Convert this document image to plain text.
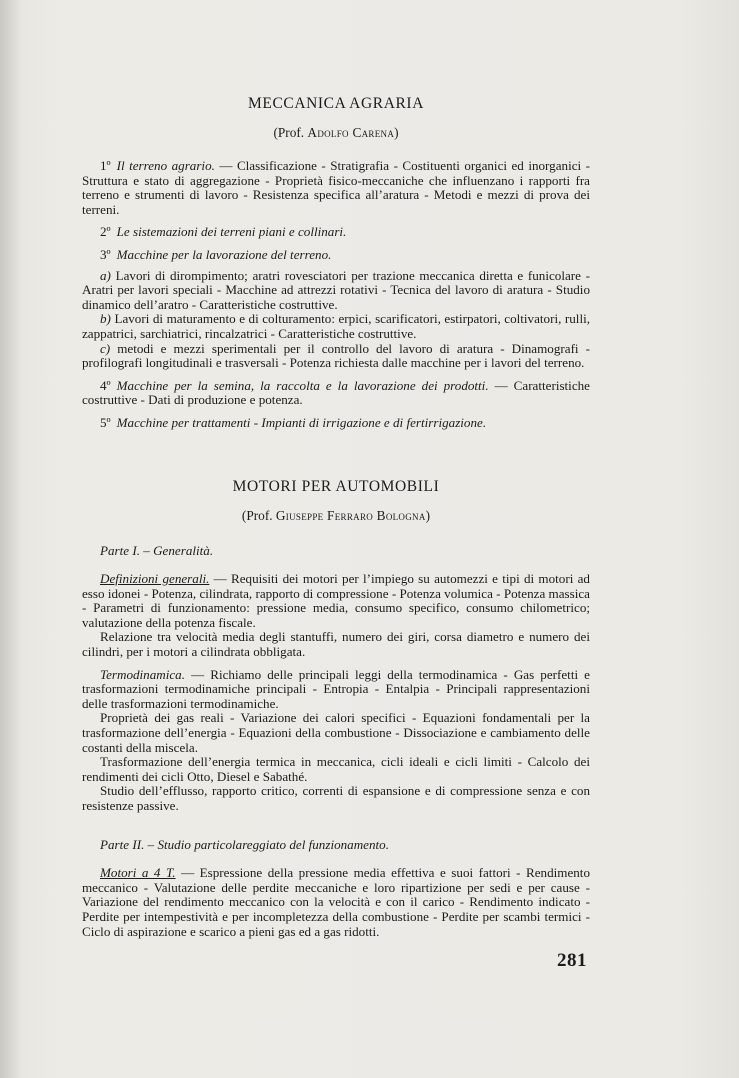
MECCANICA AGRARIA
(Prof. Adolfo Carena)

1º Il terreno agrario. — Classificazione - Stratigrafia - Costituenti organici ed inorganici - Struttura e stato di aggregazione - Proprietà fisico-meccaniche che influenzano i rapporti fra terreno e strumenti di lavoro - Resistenza specifica all’aratura - Metodi e mezzi di prova dei terreni.

2º Le sistemazioni dei terreni piani e collinari.

3º Macchine per la lavorazione del terreno.

a) Lavori di dirompimento; aratri rovesciatori per trazione meccanica diretta e funicolare - Aratri per lavori speciali - Macchine ad attrezzi rotativi - Tecnica del lavoro di aratura - Studio dinamico dell’aratro - Caratteristiche costruttive.

b) Lavori di maturamento e di colturamento: erpici, scarificatori, estirpatori, coltivatori, rulli, zappatrici, sarchiatrici, rincalzatrici - Caratteristiche costruttive.

c) metodi e mezzi sperimentali per il controllo del lavoro di aratura - Dinamografi - profilografi longitudinali e trasversali - Potenza richiesta dalle macchine per i lavori del terreno.

4º Macchine per la semina, la raccolta e la lavorazione dei prodotti. — Caratteristiche costruttive - Dati di produzione e potenza.

5º Macchine per trattamenti - Impianti di irrigazione e di fertirrigazione.

MOTORI PER AUTOMOBILI
(Prof. Giuseppe Ferraro Bologna)

Parte I. – Generalità.

Definizioni generali. — Requisiti dei motori per l’impiego su automezzi e tipi di motori ad esso idonei - Potenza, cilindrata, rapporto di compressione - Potenza volumica - Potenza massica - Parametri di funzionamento: pressione media, consumo specifico, consumo chilometrico; valutazione della potenza fiscale.

Relazione tra velocità media degli stantuffi, numero dei giri, corsa diametro e numero dei cilindri, per i motori a cilindrata obbligata.

Termodinamica. — Richiamo delle principali leggi della termodinamica - Gas perfetti e trasformazioni termodinamiche principali - Entropia - Entalpia - Principali rappresentazioni delle trasformazioni termodinamiche.

Proprietà dei gas reali - Variazione dei calori specifici - Equazioni fondamentali per la trasformazione dell’energia - Equazioni della combustione - Dissociazione e cambiamento delle costanti della miscela.

Trasformazione dell’energia termica in meccanica, cicli ideali e cicli limiti - Calcolo dei rendimenti dei cicli Otto, Diesel e Sabathé.

Studio dell’efflusso, rapporto critico, correnti di espansione e di compressione senza e con resistenze passive.

Parte II. – Studio particolareggiato del funzionamento.

Motori a 4 T. — Espressione della pressione media effettiva e suoi fattori - Rendimento meccanico - Valutazione delle perdite meccaniche e loro ripartizione per sedi e per cause - Variazione del rendimento meccanico con la velocità e con il carico - Rendimento indicato - Perdite per intempestività e per incompletezza della combustione - Perdite per scambi termici - Ciclo di aspirazione e scarico a pieni gas ed a gas ridotti.

281
